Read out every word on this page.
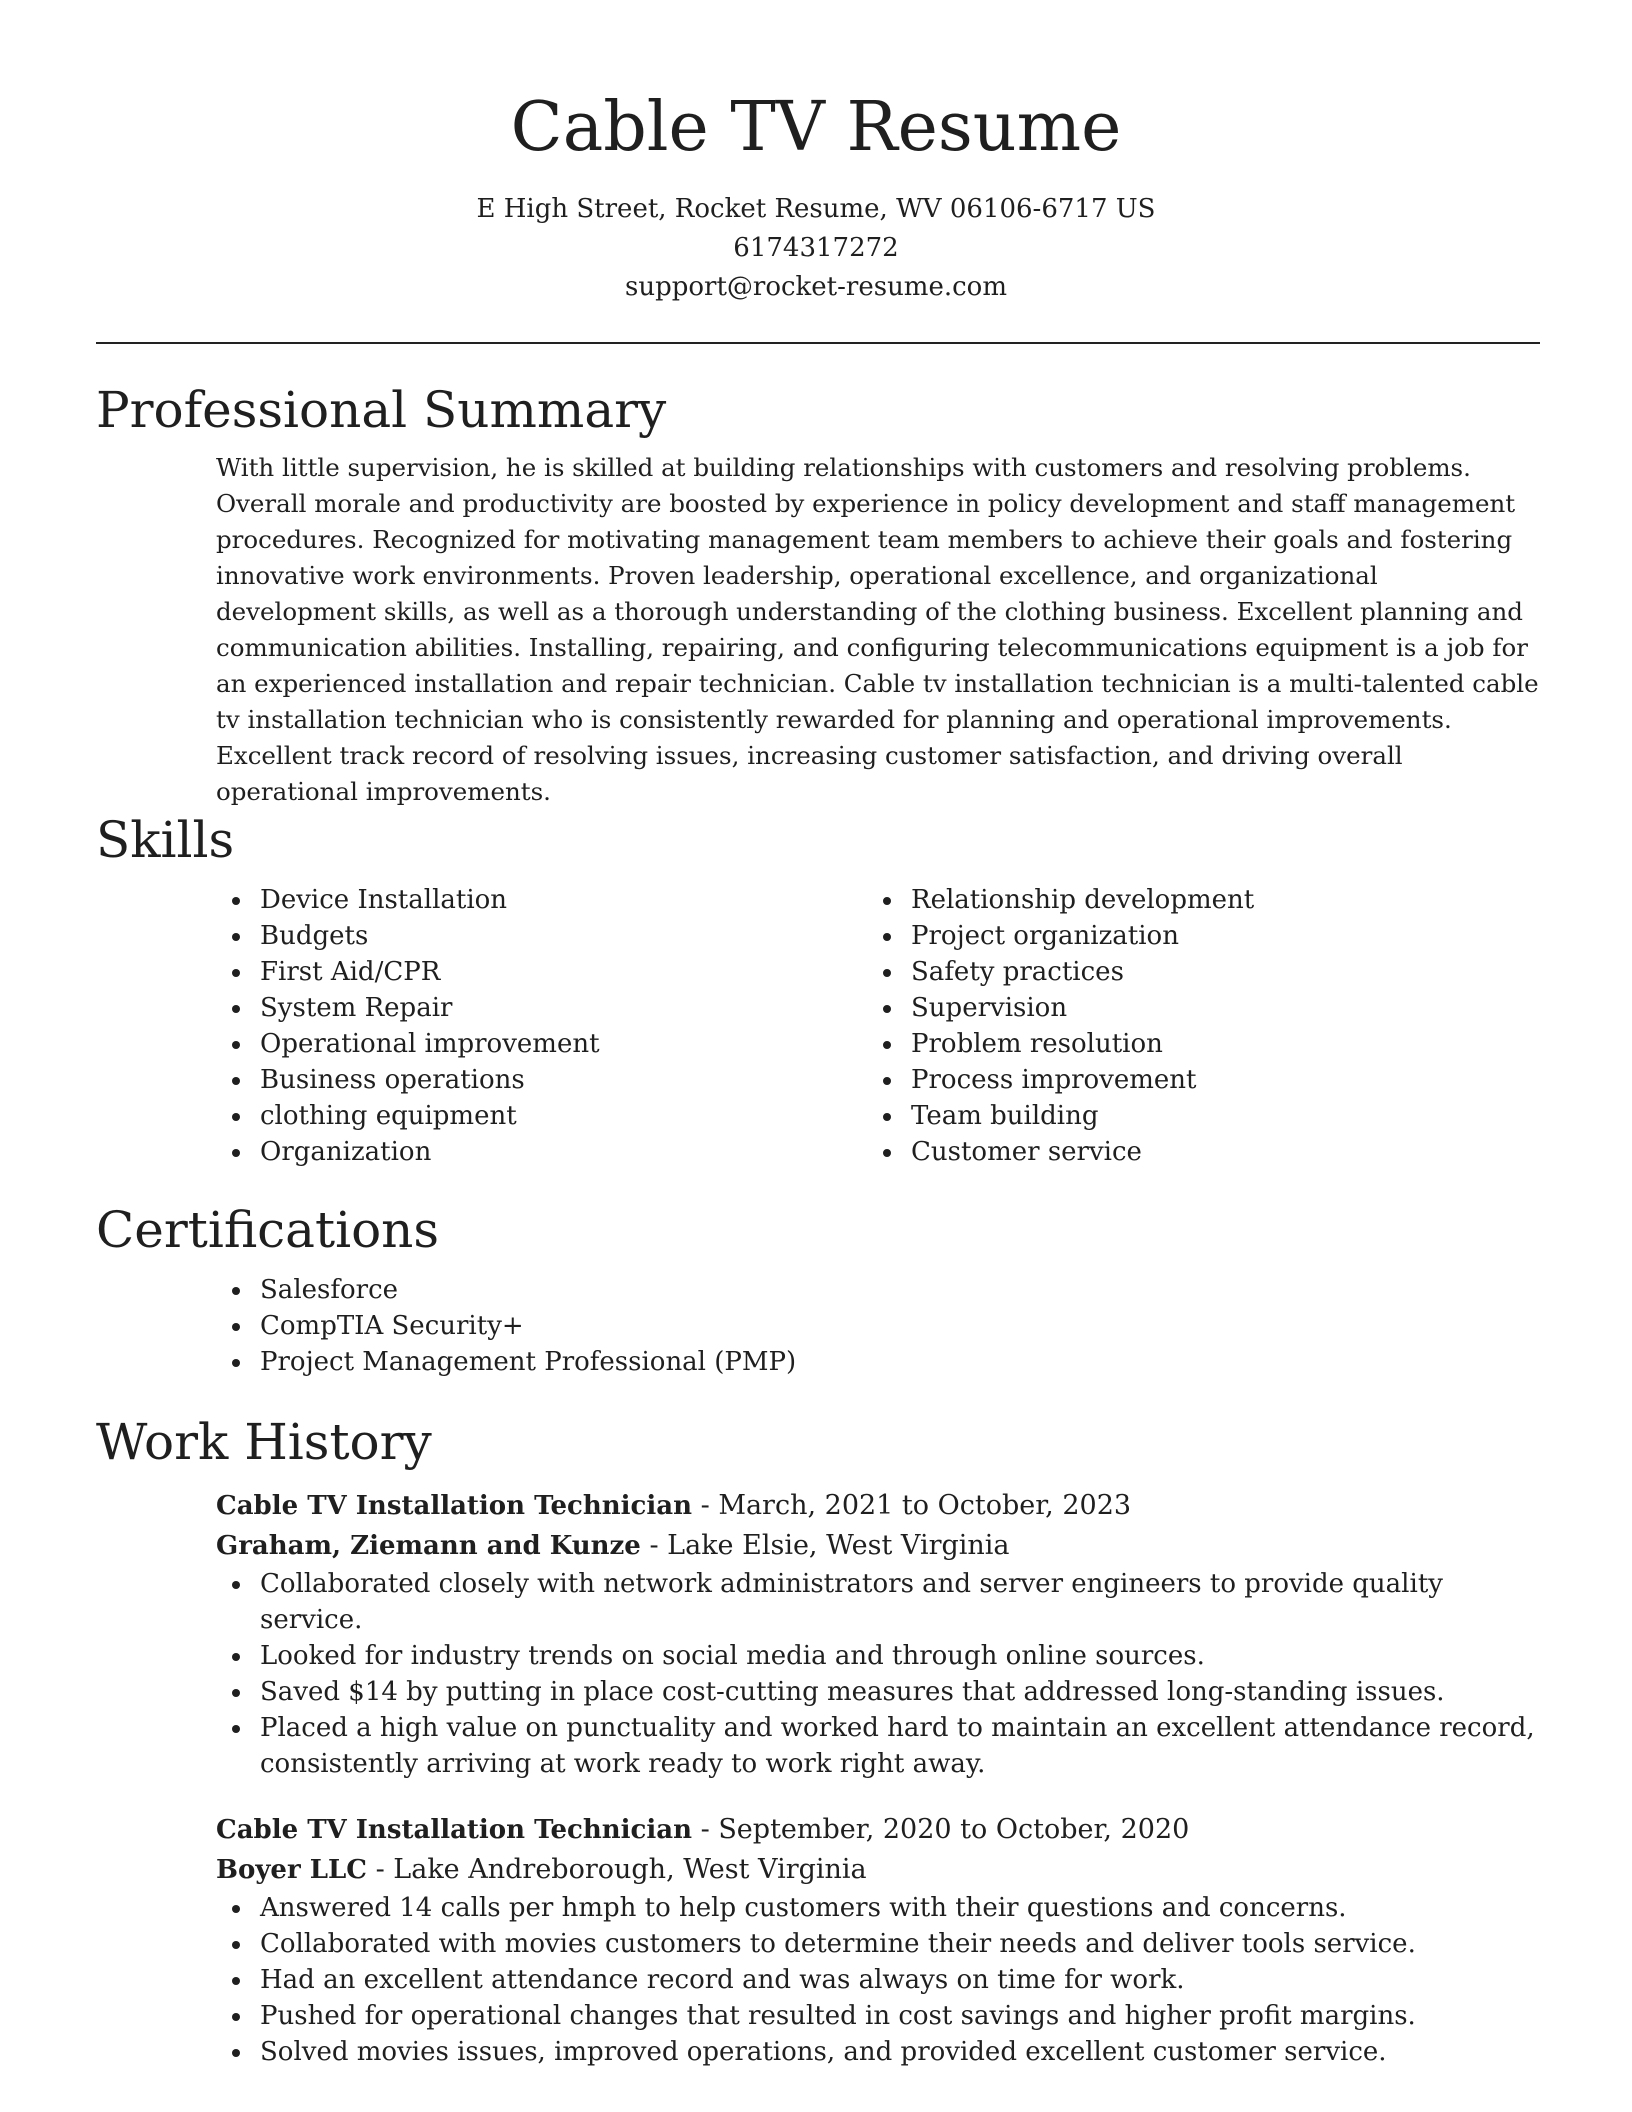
Cable TV Resume
E High Street, Rocket Resume, WV 06106-6717 US
6174317272
support@rocket-resume.com
Professional Summary

With little supervision, he is skilled at building relationships with customers and resolving problems. Overall morale and productivity are boosted by experience in policy development and staff management procedures. Recognized for motivating management team members to achieve their goals and fostering innovative work environments. Proven leadership, operational excellence, and organizational development skills, as well as a thorough understanding of the clothing business. Excellent planning and communication abilities. Installing, repairing, and configuring telecommunications equipment is a job for an experienced installation and repair technician. Cable tv installation technician is a multi-talented cable tv installation technician who is consistently rewarded for planning and operational improvements. Excellent track record of resolving issues, increasing customer satisfaction, and driving overall operational improvements.

Skills
Device Installation
Budgets
First Aid/CPR
System Repair
Operational improvement
Business operations
clothing equipment
Organization
Relationship development
Project organization
Safety practices
Supervision
Problem resolution
Process improvement
Team building
Customer service
Certifications
Salesforce
CompTIA Security+
Project Management Professional (PMP)
Work History
Cable TV Installation Technician - March, 2021 to October, 2023
Graham, Ziemann and Kunze - Lake Elsie, West Virginia
Collaborated closely with network administrators and server engineers to provide quality service.
Looked for industry trends on social media and through online sources.
Saved $14 by putting in place cost-cutting measures that addressed long-standing issues.
Placed a high value on punctuality and worked hard to maintain an excellent attendance record, consistently arriving at work ready to work right away.
Cable TV Installation Technician - September, 2020 to October, 2020
Boyer LLC - Lake Andreborough, West Virginia
Answered 14 calls per hmph to help customers with their questions and concerns.
Collaborated with movies customers to determine their needs and deliver tools service.
Had an excellent attendance record and was always on time for work.
Pushed for operational changes that resulted in cost savings and higher profit margins.
Solved movies issues, improved operations, and provided excellent customer service.
